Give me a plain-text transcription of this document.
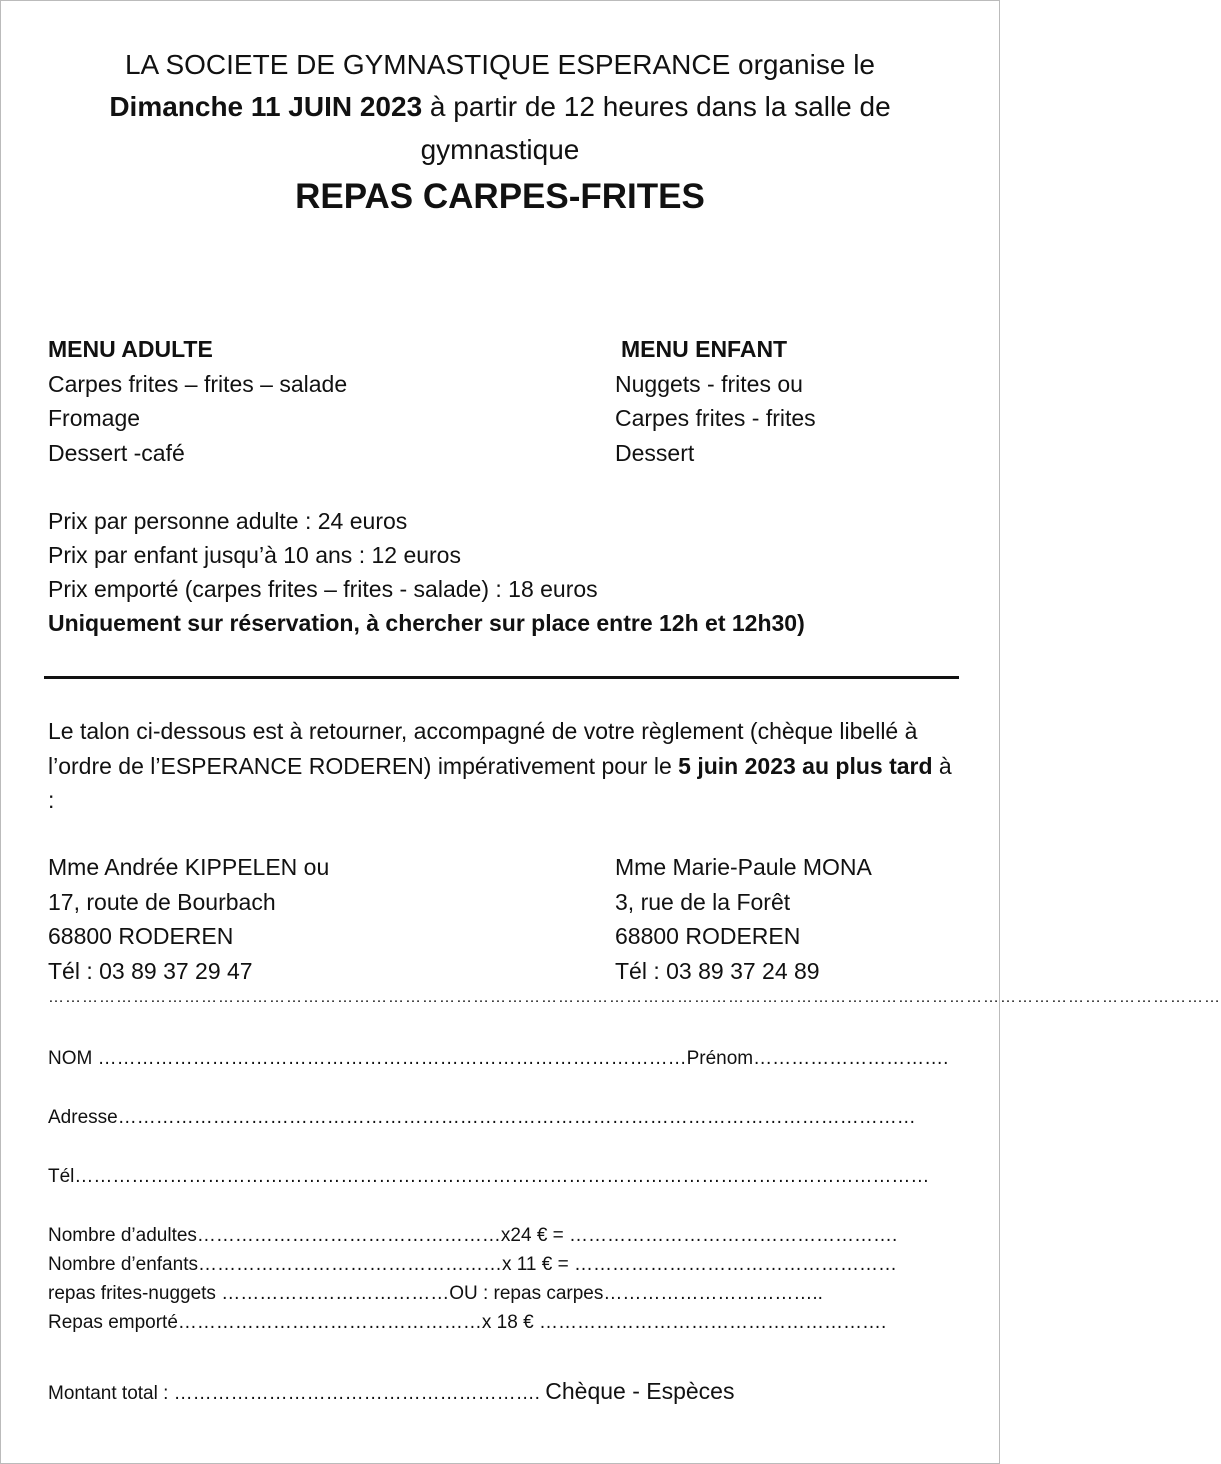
LA SOCIETE DE GYMNASTIQUE ESPERANCE organise le
Dimanche 11 JUIN 2023 à partir de 12 heures dans la salle de
gymnastique
REPAS CARPES-FRITES
MENU ADULTE
Carpes frites – frites – salade
Fromage
Dessert -café
MENU ENFANT
Nuggets - frites ou
Carpes frites - frites
Dessert
Prix par personne adulte : 24 euros
Prix par enfant jusqu’à 10 ans : 12 euros
Prix emporté (carpes frites – frites - salade) : 18 euros
Uniquement sur réservation, à chercher sur place entre 12h et 12h30)
Le talon ci-dessous est à retourner, accompagné de votre règlement (chèque libellé à l’ordre de l’ESPERANCE RODEREN) impérativement pour le 5 juin 2023 au plus tard à :
Mme Andrée KIPPELEN ou
17, route de Bourbach
68800 RODEREN
Tél : 03 89 37 29 47
Mme Marie-Paule MONA
3, rue de la Forêt
68800 RODEREN
Tél : 03 89 37 24 89
………………………………………………………………………………………………………………………………………………………………………………………
NOM …………………………………………………………………………………Prénom………………………….
Adresse………………………………………………………………………………………………………………
Tél………………………………………………………………………………………………………………………
Nombre d’adultes…………………………………………x24 € = …………………………………………….
Nombre d’enfants…………………………………………x 11 € = ……………………………………………
repas frites-nuggets ………………………………OU : repas carpes……………………………..
Repas emporté…………………………………………x 18 € ……………………………………………….
Montant total : …………………………………………………. Chèque - Espèces
